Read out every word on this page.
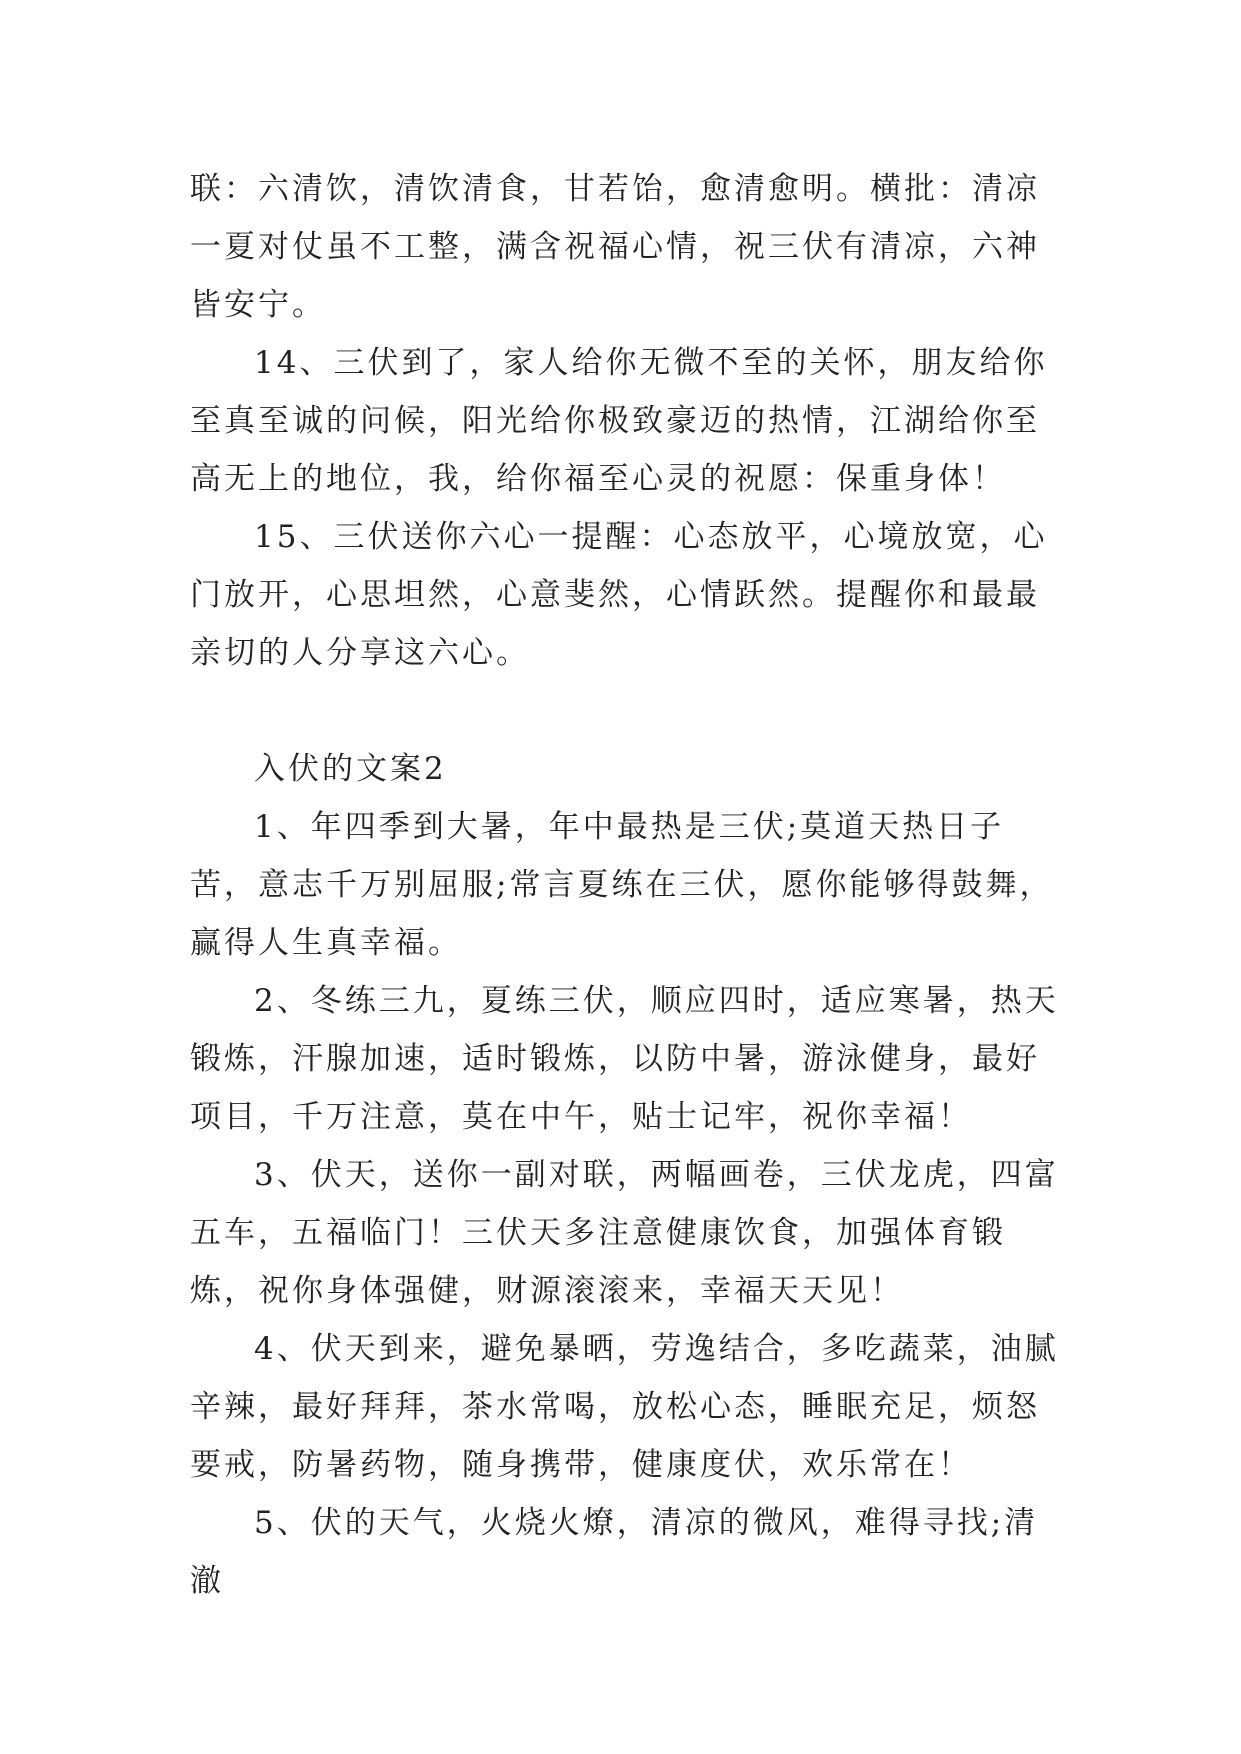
联：六清饮，清饮清食，甘若饴，愈清愈明。横批：清凉一夏对仗虽不工整，满含祝福心情，祝三伏有清凉，六神皆安宁。

14、三伏到了，家人给你无微不至的关怀，朋友给你至真至诚的问候，阳光给你极致豪迈的热情，江湖给你至高无上的地位，我，给你福至心灵的祝愿：保重身体！

15、三伏送你六心一提醒：心态放平，心境放宽，心门放开，心思坦然，心意斐然，心情跃然。提醒你和最最亲切的人分享这六心。

入伏的文案2

1、年四季到大暑，年中最热是三伏;莫道天热日子苦，意志千万别屈服;常言夏练在三伏，愿你能够得鼓舞，赢得人生真幸福。

2、冬练三九，夏练三伏，顺应四时，适应寒暑，热天锻炼，汗腺加速，适时锻炼，以防中暑，游泳健身，最好项目，千万注意，莫在中午，贴士记牢，祝你幸福！

3、伏天，送你一副对联，两幅画卷，三伏龙虎，四富五车，五福临门！三伏天多注意健康饮食，加强体育锻炼，祝你身体强健，财源滚滚来，幸福天天见！

4、伏天到来，避免暴晒，劳逸结合，多吃蔬菜，油腻辛辣，最好拜拜，茶水常喝，放松心态，睡眠充足，烦怒要戒，防暑药物，随身携带，健康度伏，欢乐常在！

5、伏的天气，火烧火燎，清凉的微风，难得寻找;清澈
